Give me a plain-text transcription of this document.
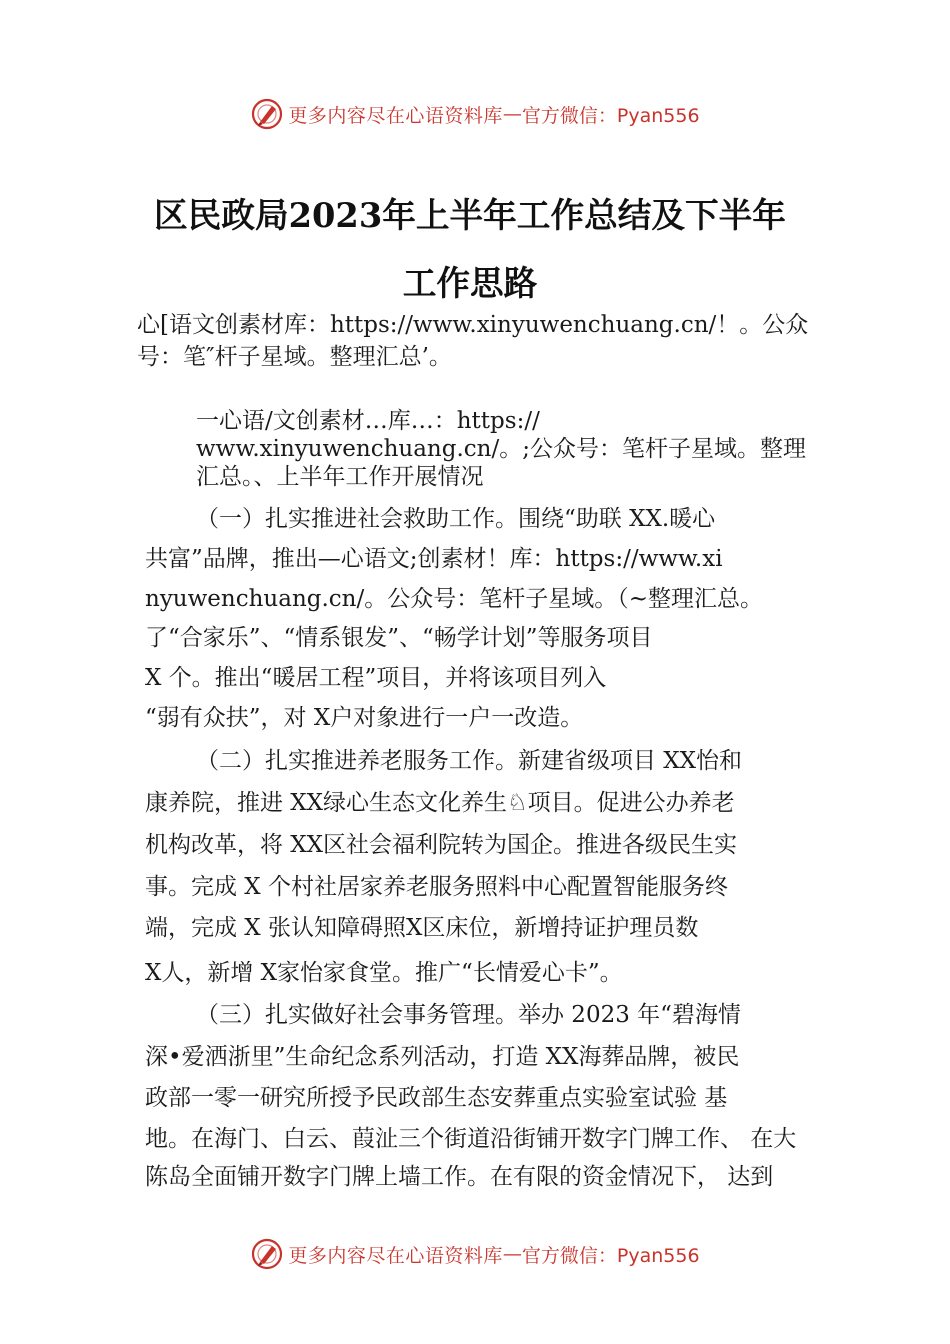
更多内容尽在心语资料库 — 官方微信：Pyan556
区民政局2023年上半年工作总结及下半年
工作思路
心[语文创素材库：https://www.xinyuwenchuang.cn/！。公众
号：笔″杆子星域。整理汇总’。
一心语/文创素材…库…：https://
www.xinyuwenchuang.cn/。;公众号：笔杆子星域。整理
汇总。、上半年工作开展情况
（一）扎实推进社会救助工作。围绕“助联 XX.暖心
共富”品牌，推出—心语文;创素材！库：https://www.xi
nyuwenchuang.cn/。公众号：笔杆子星域。（~整理汇总。
了“合家乐”、“情系银发”、“畅学计划”等服务项目
X 个。推出“暖居工程”项目，并将该项目列入
“弱有众扶”，对 X户对象进行一户一改造。
（二）扎实推进养老服务工作。新建省级项目 XX怡和
康养院，推进 XX绿心生态文化养生♘项目。促进公办养老
机构改革，将 XX区社会福利院转为国企。推进各级民生实
事。完成 X 个村社居家养老服务照料中心配置智能服务终
端，完成 X 张认知障碍照X区床位，新增持证护理员数
X人，新增 X家怡家食堂。推广“长情爱心卡”。
（三）扎实做好社会事务管理。举办 2023 年“碧海情
深•爱洒浙里”生命纪念系列活动，打造 XX海葬品牌，被民
政部一零一研究所授予民政部生态安葬重点实验室试验 基
地。在海门、白云、葭沚三个街道沿街铺开数字门牌工作、 在大
陈岛全面铺开数字门牌上墙工作。在有限的资金情况下， 达到
更多内容尽在心语资料库 — 官方微信：Pyan556
